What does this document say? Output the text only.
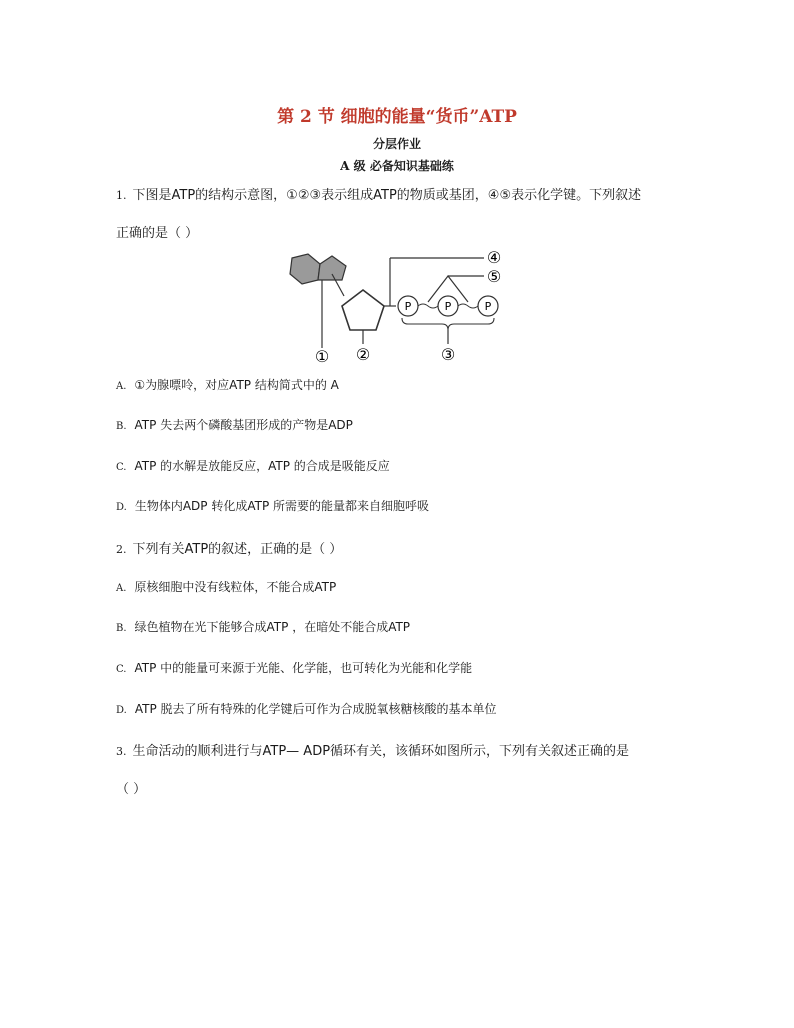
第 2 节 细胞的能量“货币”ATP
分层作业
A 级 必备知识基础练
1. 下图是ATP的结构示意图，①②③表示组成ATP的物质或基团，④⑤表示化学键。下列叙述
正确的是（ ）
P	P	P
① ②	③
④
⑤
A. ①为腺嘌呤，对应ATP 结构简式中的 A
B. ATP 失去两个磷酸基团形成的产物是ADP
C. ATP 的水解是放能反应，ATP 的合成是吸能反应
D. 生物体内ADP 转化成ATP 所需要的能量都来自细胞呼吸
2. 下列有关ATP的叙述，正确的是（ ）
A. 原核细胞中没有线粒体，不能合成ATP
B. 绿色植物在光下能够合成ATP ，在暗处不能合成ATP
C. ATP 中的能量可来源于光能、化学能，也可转化为光能和化学能
D. ATP 脱去了所有特殊的化学键后可作为合成脱氧核糖核酸的基本单位
3. 生命活动的顺利进行与ATP— ADP循环有关，该循环如图所示，下列有关叙述正确的是
（ ）
